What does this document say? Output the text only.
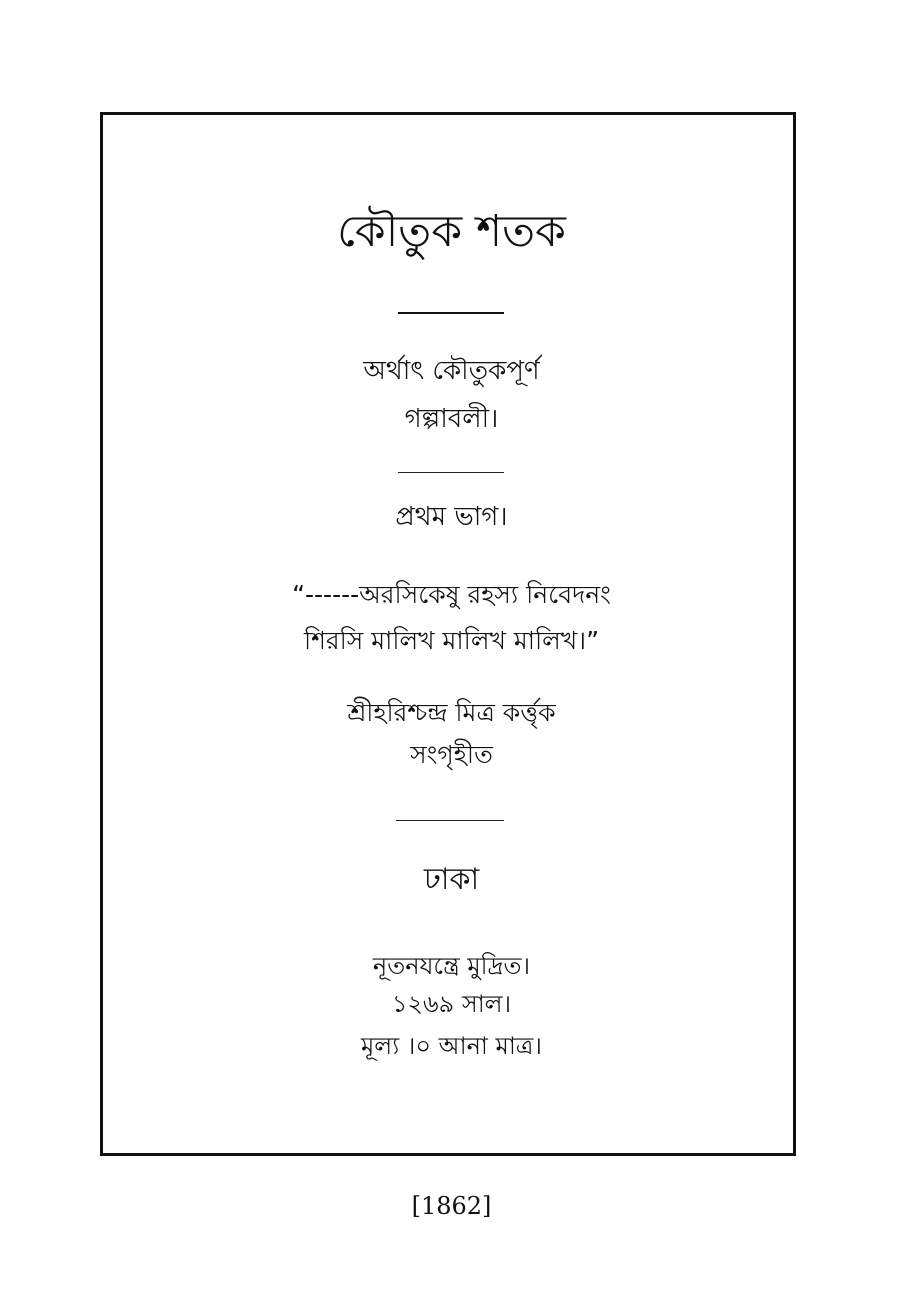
কৌতুক শতক
অর্থাৎ কৌতুকপূর্ণ
গল্পাবলী।
প্রথম ভাগ।
“------অরসিকেষু রহস্য নিবেদনং
শিরসি মালিখ মালিখ মালিখ।”
শ্রীহরিশ্চন্দ্র মিত্র কর্ত্তৃক
সংগৃহীত
ঢাকা
নূতনযন্ত্রে মুদ্রিত।
১২৬৯ সাল।
মূল্য ।০ আনা মাত্র।
[1862]
